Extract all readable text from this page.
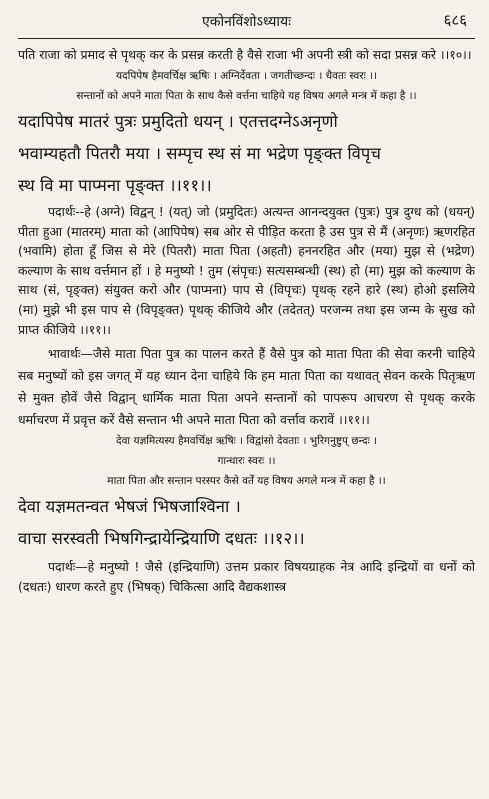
एकोनविंशोऽध्यायः	६८६
पति राजा को प्रमाद से पृथक् कर के प्रसन्न करती है वैसे राजा भी अपनी स्त्री को सदा प्रसन्न करे ।।१०।।
यदपिपेष हैमवर्चिक्ष ऋषिः । अग्निर्देवता । जगतीच्छन्दः । धैवतः स्वरः ।।
सन्तानों को अपने माता पिता के साथ कैसे वर्त्तना चाहिये यह विषय अगले मन्त्र में कहा है ।।
यदापिपेष मातरं पुत्रः प्रमुदितो धयन् । एतत्तदग्नेऽअनृणो
भवाम्यहतौ पितरौ मया । सम्पृच स्थ सं मा भद्रेण पृङ्क्त विपृच
स्थ वि मा पाप्मना पृङ्क्त ।।११।।
पदार्थः--हे (अग्ने) विद्वन् ! (यत्) जो (प्रमुदितः) अत्यन्त आनन्दयुक्त (पुत्रः) पुत्र दुग्ध को (धयन्) पीता हुआ (मातरम्) माता को (आपिपेष) सब ओर से पीड़ित करता है उस पुत्र से मैं (अनृणः) ऋणरहित (भवामि) होता हूँ जिस से मेरे (पितरौ) माता पिता (अहतौ) हननरहित और (मया) मुझ से (भद्रेण) कल्याण के साथ वर्त्तमान हों । हे मनुष्यो ! तुम (संपृचः) सत्यसम्बन्धी (स्थ) हो (मा) मुझ को कल्याण के साथ (सं, पृङ्क्त) संयुक्त करो और (पाप्मना) पाप से (विपृचः) पृथक् रहने हारे (स्थ) होओ इसलिये (मा) मुझे भी इस पाप से (विपृङ्क्त) पृथक् कीजिये और (तदेतत्) परजन्म तथा इस जन्म के सुख को प्राप्त कीजिये ।।११।।
भावार्थः—जैसे माता पिता पुत्र का पालन करते हैं वैसे पुत्र को माता पिता की सेवा करनी चाहिये सब मनुष्यों को इस जगत् में यह ध्यान देना चाहिये कि हम माता पिता का यथावत् सेवन करके पितृऋण से मुक्त होवें जैसे विद्वान् धार्मिक माता पिता अपने सन्तानों को पापरूप आचरण से पृथक् करके धर्माचरण में प्रवृत्त करें वैसे सन्तान भी अपने माता पिता को वर्त्ताव करावें ।।११।।
देवा यज्ञमित्यस्य हैमवर्चिक्ष ऋषिः । विद्वांसो देवताः । भुरिगनुष्टुप् छन्दः ।
गान्धारः स्वरः ।।
माता पिता और सन्तान परस्पर कैसे वर्तें यह विषय अगले मन्त्र में कहा है ।।
देवा यज्ञमतन्वत भेषजं भिषजाश्विना ।
वाचा सरस्वती भिषगिन्द्रायेन्द्रियाणि दधतः ।।१२।।
पदार्थः—हे मनुष्यो ! जैसे (इन्द्रियाणि) उत्तम प्रकार विषयग्राहक नेत्र आदि इन्द्रियों वा धनों को (दधतः) धारण करते हुए (भिषक्) चिकित्सा आदि वैद्यकशास्त्र
